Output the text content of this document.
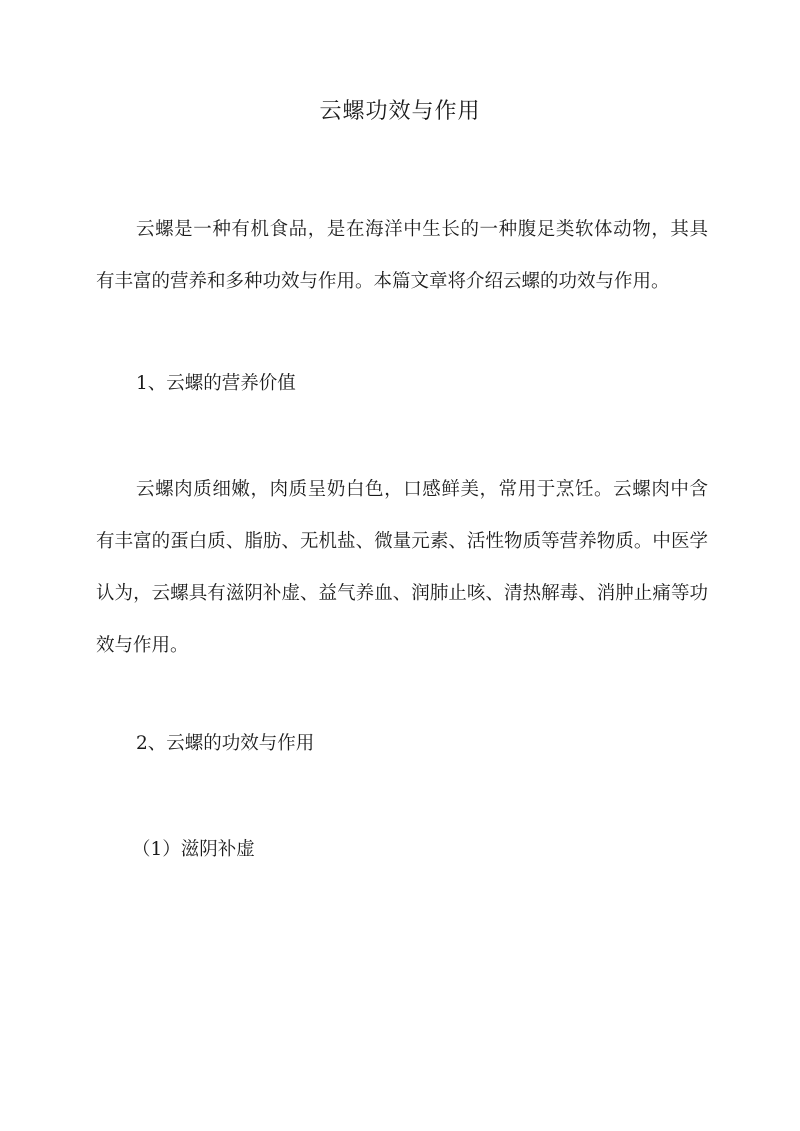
云螺功效与作用

云螺是一种有机食品，是在海洋中生长的一种腹足类软体动物，其具有丰富的营养和多种功效与作用。本篇文章将介绍云螺的功效与作用。

1、云螺的营养价值

云螺肉质细嫩，肉质呈奶白色，口感鲜美，常用于烹饪。云螺肉中含有丰富的蛋白质、脂肪、无机盐、微量元素、活性物质等营养物质。中医学认为，云螺具有滋阴补虚、益气养血、润肺止咳、清热解毒、消肿止痛等功效与作用。

2、云螺的功效与作用
（1）滋阴补虚
